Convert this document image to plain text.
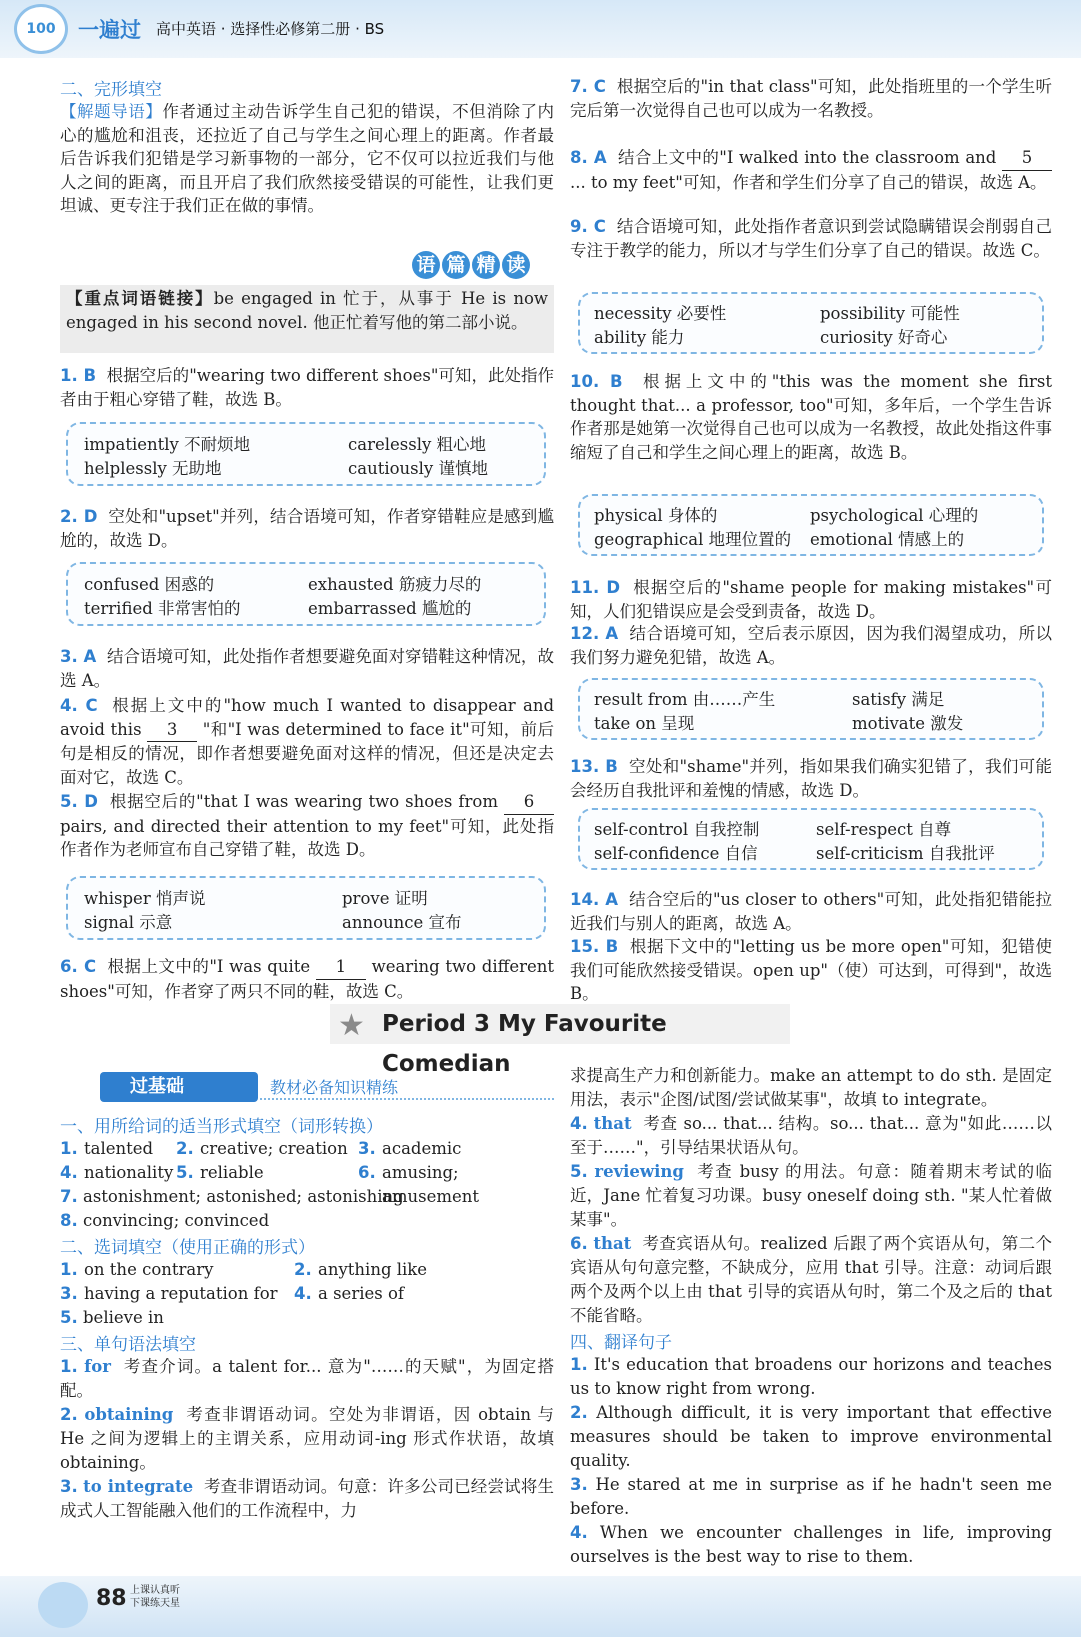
100	一遍过 高中英语 · 选择性必修第二册 · BS
二、完形填空
【解题导语】作者通过主动告诉学生自己犯的错误，不但消除了内心的尴尬和沮丧，还拉近了自己与学生之间心理上的距离。作者最后告诉我们犯错是学习新事物的一部分，它不仅可以拉近我们与他人之间的距离，而且开启了我们欣然接受错误的可能性，让我们更坦诚、更专注于我们正在做的事情。
语 篇 精 读
【重点词语链接】be engaged in 忙于，从事于 He is now engaged in his second novel. 他正忙着写他的第二部小说。
1. B 根据空后的"wearing two different shoes"可知，此处指作者由于粗心穿错了鞋，故选 B。
impatiently 不耐烦地	carelessly 粗心地
helplessly 无助地	cautiously 谨慎地
2. D 空处和"upset"并列，结合语境可知，作者穿错鞋应是感到尴尬的，故选 D。
confused 困惑的	exhausted 筋疲力尽的
terrified 非常害怕的	embarrassed 尴尬的
3. A 结合语境可知，此处指作者想要避免面对穿错鞋这种情况，故选 A。
4. C 根据上文中的"how much I wanted to disappear and avoid this 3 "和"I was determined to face it"可知，前后句是相反的情况，即作者想要避免面对这样的情况，但还是决定去面对它，故选 C。
5. D 根据空后的"that I was wearing two shoes from 6 pairs, and directed their attention to my feet"可知，此处指作者作为老师宣布自己穿错了鞋，故选 D。
whisper 悄声说	prove 证明
signal 示意	announce 宣布
6. C 根据上文中的"I was quite 1 wearing two different shoes"可知，作者穿了两只不同的鞋，故选 C。
7. C 根据空后的"in that class"可知，此处指班里的一个学生听完后第一次觉得自己也可以成为一名教授。
8. A 结合上文中的"I walked into the classroom and 5 ... to my feet"可知，作者和学生们分享了自己的错误，故选 A。
9. C 结合语境可知，此处指作者意识到尝试隐瞒错误会削弱自己专注于教学的能力，所以才与学生们分享了自己的错误。故选 C。
necessity 必要性	possibility 可能性
ability 能力	curiosity 好奇心
10. B 根据上文中的"this was the moment she first thought that... a professor, too"可知，多年后，一个学生告诉作者那是她第一次觉得自己也可以成为一名教授，故此处指这件事缩短了自己和学生之间心理上的距离，故选 B。
physical 身体的	psychological 心理的
geographical 地理位置的 emotional 情感上的
11. D 根据空后的"shame people for making mistakes"可知，人们犯错误应是会受到责备，故选 D。
12. A 结合语境可知，空后表示原因，因为我们渴望成功，所以我们努力避免犯错，故选 A。
result from 由……产生	satisfy 满足
take on 呈现	motivate 激发
13. B 空处和"shame"并列，指如果我们确实犯错了，我们可能会经历自我批评和羞愧的情感，故选 D。
self-control 自我控制	self-respect 自尊
self-confidence 自信	self-criticism 自我批评
14. A 结合空后的"us closer to others"可知，此处指犯错能拉近我们与别人的距离，故选 A。
15. B 根据下文中的"letting us be more open"可知，犯错使我们可能欣然接受错误。open up"（使）可达到，可得到"，故选 B。
★ Period 3 My Favourite Comedian
过基础	教材必备知识精练
一、用所给词的适当形式填空（词形转换）
1. talented 2. creative; creation 3. academic
4. nationality 5. reliable	6. amusing; amusement
7. astonishment; astonished; astonishing
8. convincing; convinced
二、选词填空（使用正确的形式）
1. on the contrary	2. anything like
3. having a reputation for 4. a series of
5. believe in
三、单句语法填空
1. for 考查介词。a talent for... 意为"……的天赋"，为固定搭配。
2. obtaining 考查非谓语动词。空处为非谓语，因 obtain 与 He 之间为逻辑上的主谓关系，应用动词-ing 形式作状语，故填 obtaining。
3. to integrate 考查非谓语动词。句意：许多公司已经尝试将生成式人工智能融入他们的工作流程中，力
求提高生产力和创新能力。make an attempt to do sth. 是固定用法，表示"企图/试图/尝试做某事"，故填 to integrate。
4. that 考查 so... that... 结构。so... that... 意为"如此……以至于……"，引导结果状语从句。
5. reviewing 考查 busy 的用法。句意：随着期末考试的临近，Jane 忙着复习功课。busy oneself doing sth. "某人忙着做某事"。
6. that 考查宾语从句。realized 后跟了两个宾语从句，第二个宾语从句句意完整，不缺成分，应用 that 引导。注意：动词后跟两个及两个以上由 that 引导的宾语从句时，第二个及之后的 that 不能省略。
四、翻译句子
1. It's education that broadens our horizons and teaches us to know right from wrong.
2. Although difficult, it is very important that effective measures should be taken to improve environmental quality.
3. He stared at me in surprise as if he hadn't seen me before.
4. When we encounter challenges in life, improving ourselves is the best way to rise to them.
88 上课认真听
下课练天星
